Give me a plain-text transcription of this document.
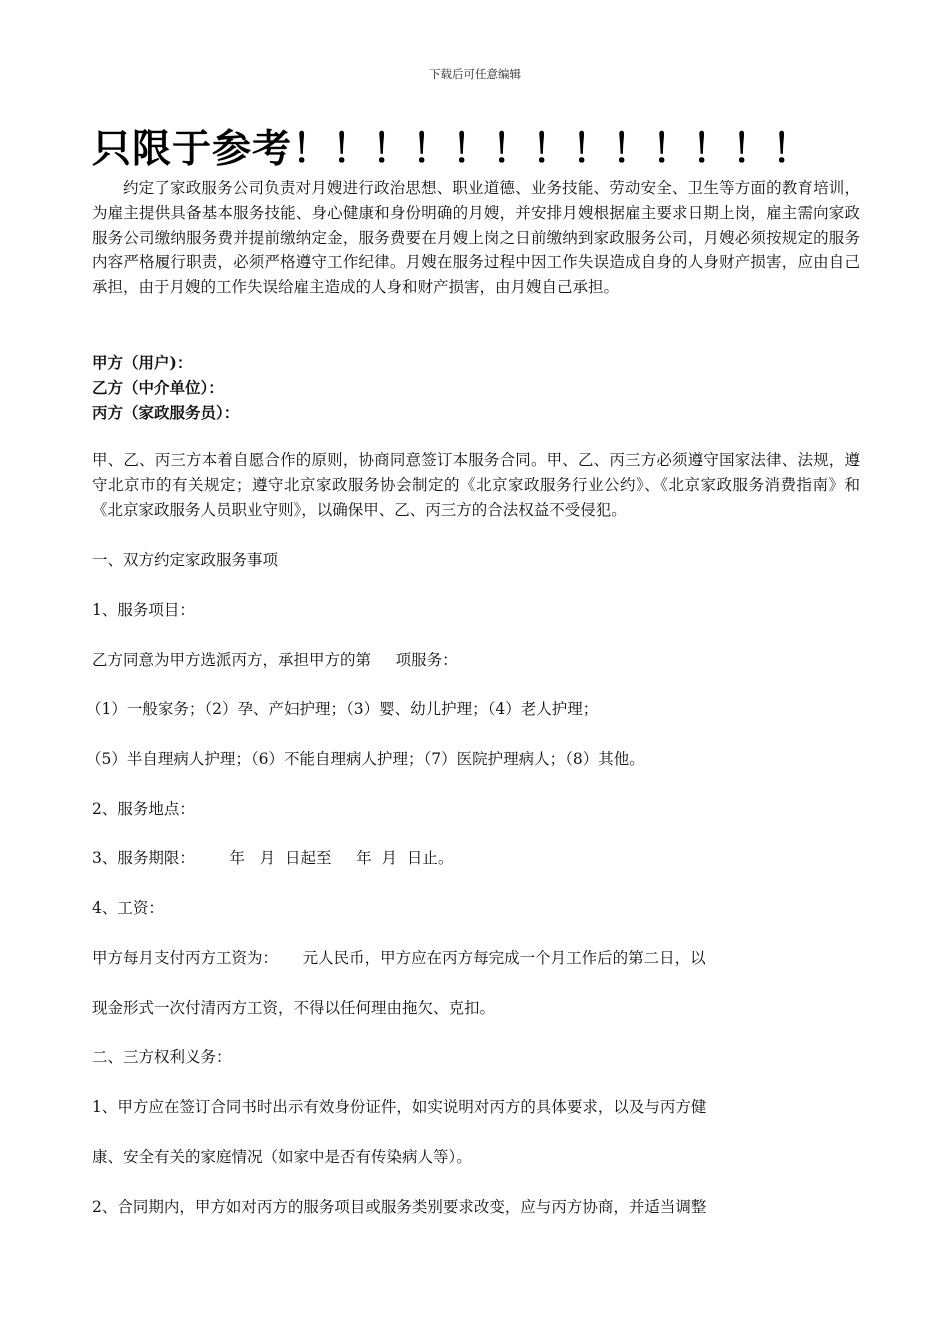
下载后可任意编辑
只限于参考！！！！！！！！！！！！！
约定了家政服务公司负责对月嫂进行政治思想、职业道德、业务技能、劳动安全、卫生等方面的教育培训，为雇主提供具备基本服务技能、身心健康和身份明确的月嫂，并安排月嫂根据雇主要求日期上岗，雇主需向家政服务公司缴纳服务费并提前缴纳定金，服务费要在月嫂上岗之日前缴纳到家政服务公司，月嫂必须按规定的服务内容严格履行职责，必须严格遵守工作纪律。月嫂在服务过程中因工作失误造成自身的人身财产损害，应由自己承担，由于月嫂的工作失误给雇主造成的人身和财产损害，由月嫂自己承担。
甲方（用户)：
乙方（中介单位）：
丙方（家政服务员）：
甲、乙、丙三方本着自愿合作的原则，协商同意签订本服务合同。甲、乙、丙三方必须遵守国家法律、法规，遵守北京市的有关规定；遵守北京家政服务协会制定的《北京家政服务行业公约》、《北京家政服务消费指南》和《北京家政服务人员职业守则》，以确保甲、乙、丙三方的合法权益不受侵犯。
一、双方约定家政服务事项
1、服务项目：
乙方同意为甲方选派丙方，承担甲方的第     项服务：
（1）一般家务；（2）孕、产妇护理；（3）婴、幼儿护理；（4）老人护理；
（5）半自理病人护理；（6）不能自理病人护理；（7）医院护理病人；（8）其他。
2、服务地点：
3、服务期限：       年   月  日起至     年  月  日止。
4、工资：
甲方每月支付丙方工资为：     元人民币，甲方应在丙方每完成一个月工作后的第二日，以
现金形式一次付清丙方工资，不得以任何理由拖欠、克扣。
二、三方权利义务：
1、甲方应在签订合同书时出示有效身份证件，如实说明对丙方的具体要求，以及与丙方健
康、安全有关的家庭情况（如家中是否有传染病人等）。
2、合同期内，甲方如对丙方的服务项目或服务类别要求改变，应与丙方协商，并适当调整
